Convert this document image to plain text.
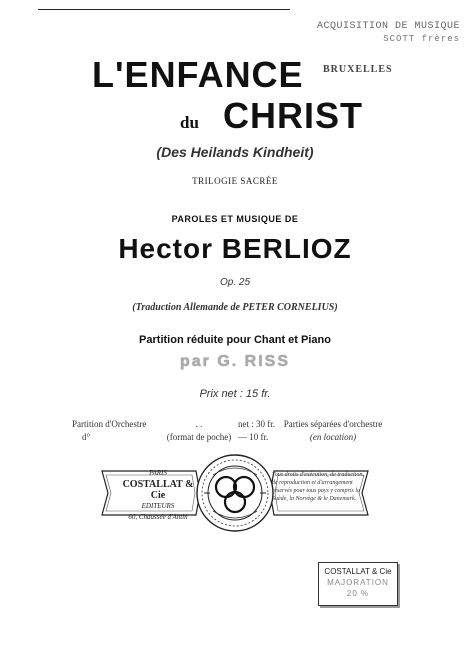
ACQUISITION DE MUSIQUE
SCOTT frères
L'ENFANCE BRUXELLES
du CHRIST
(Des Heilands Kindheit)
TRILOGIE SACRÉE
PAROLES ET MUSIQUE DE
Hector BERLIOZ
Op. 25
(Traduction Allemande de PETER CORNELIUS)
Partition réduite pour Chant et Piano
par G. RISS
Prix net : 15 fr.
Partition d'Orchestre	. .	net : 30 fr.
d°	(format de poche) — 10 fr.
Parties séparées d'orchestre
(en location)
PARIS
COSTALLAT & Cie
EDITEURS
60, Chaussée d'Antin
Tous droits d'exécution, de traduction, de reproduction et d'arrangement réservés pour tous pays y compris la Suède, la Norvège & le Danemark.
COSTALLAT & Cie
MAJORATION
20 %
